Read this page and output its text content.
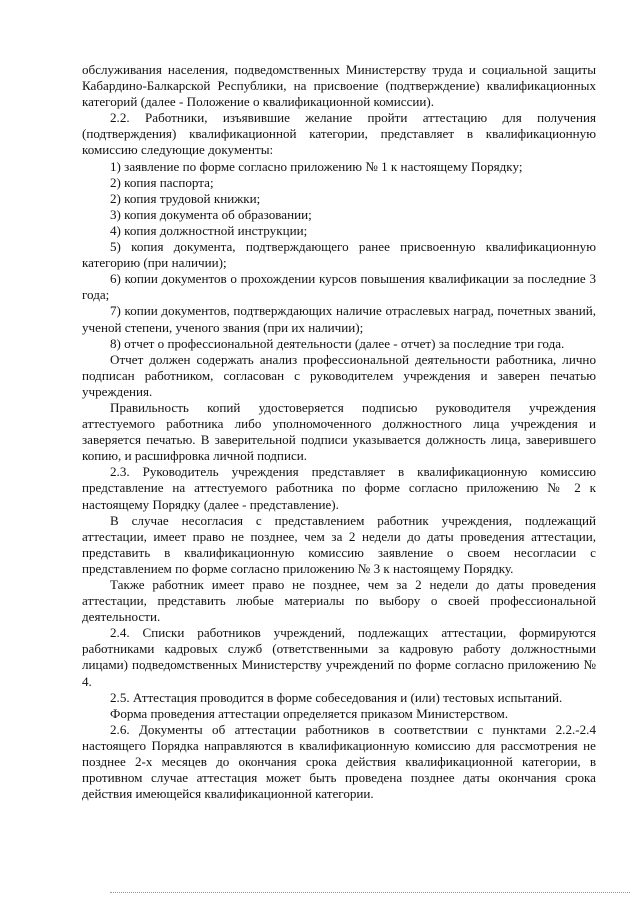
обслуживания населения, подведомственных Министерству труда и социальной защиты Кабардино-Балкарской Республики, на присвоение (подтверждение) квалификационных категорий (далее - Положение о квалификационной комиссии).

2.2. Работники, изъявившие желание пройти аттестацию для получения (подтверждения) квалификационной категории, представляет в квалификационную комиссию следующие документы:

1) заявление по форме согласно приложению № 1 к настоящему Порядку;

2) копия паспорта;

2) копия трудовой книжки;

3) копия документа об образовании;

4) копия должностной инструкции;

5) копия документа, подтверждающего ранее присвоенную квалификационную категорию (при наличии);

6) копии документов о прохождении курсов повышения квалификации за последние 3 года;

7) копии документов, подтверждающих наличие отраслевых наград, почетных званий, ученой степени, ученого звания (при их наличии);

8) отчет о профессиональной деятельности (далее - отчет) за последние три года.

Отчет должен содержать анализ профессиональной деятельности работника, лично подписан работником, согласован с руководителем учреждения и заверен печатью учреждения.

Правильность копий удостоверяется подписью руководителя учреждения аттестуемого работника либо уполномоченного должностного лица учреждения и заверяется печатью. В заверительной подписи указывается должность лица, заверившего копию, и расшифровка личной подписи.

2.3. Руководитель учреждения представляет в квалификационную комиссию представление на аттестуемого работника по форме согласно приложению № 2 к настоящему Порядку (далее - представление).

В случае несогласия с представлением работник учреждения, подлежащий аттестации, имеет право не позднее, чем за 2 недели до даты проведения аттестации, представить в квалификационную комиссию заявление о своем несогласии с представлением по форме согласно приложению № 3 к настоящему Порядку.

Также работник имеет право не позднее, чем за 2 недели до даты проведения аттестации, представить любые материалы по выбору о своей профессиональной деятельности.

2.4. Списки работников учреждений, подлежащих аттестации, формируются работниками кадровых служб (ответственными за кадровую работу должностными лицами) подведомственных Министерству учреждений по форме согласно приложению № 4.

2.5. Аттестация проводится в форме собеседования и (или) тестовых испытаний.

Форма проведения аттестации определяется приказом Министерством.

2.6. Документы об аттестации работников в соответствии с пунктами 2.2.-2.4 настоящего Порядка направляются в квалификационную комиссию для рассмотрения не позднее 2-х месяцев до окончания срока действия квалификационной категории, в противном случае аттестация может быть проведена позднее даты окончания срока действия имеющейся квалификационной категории.
